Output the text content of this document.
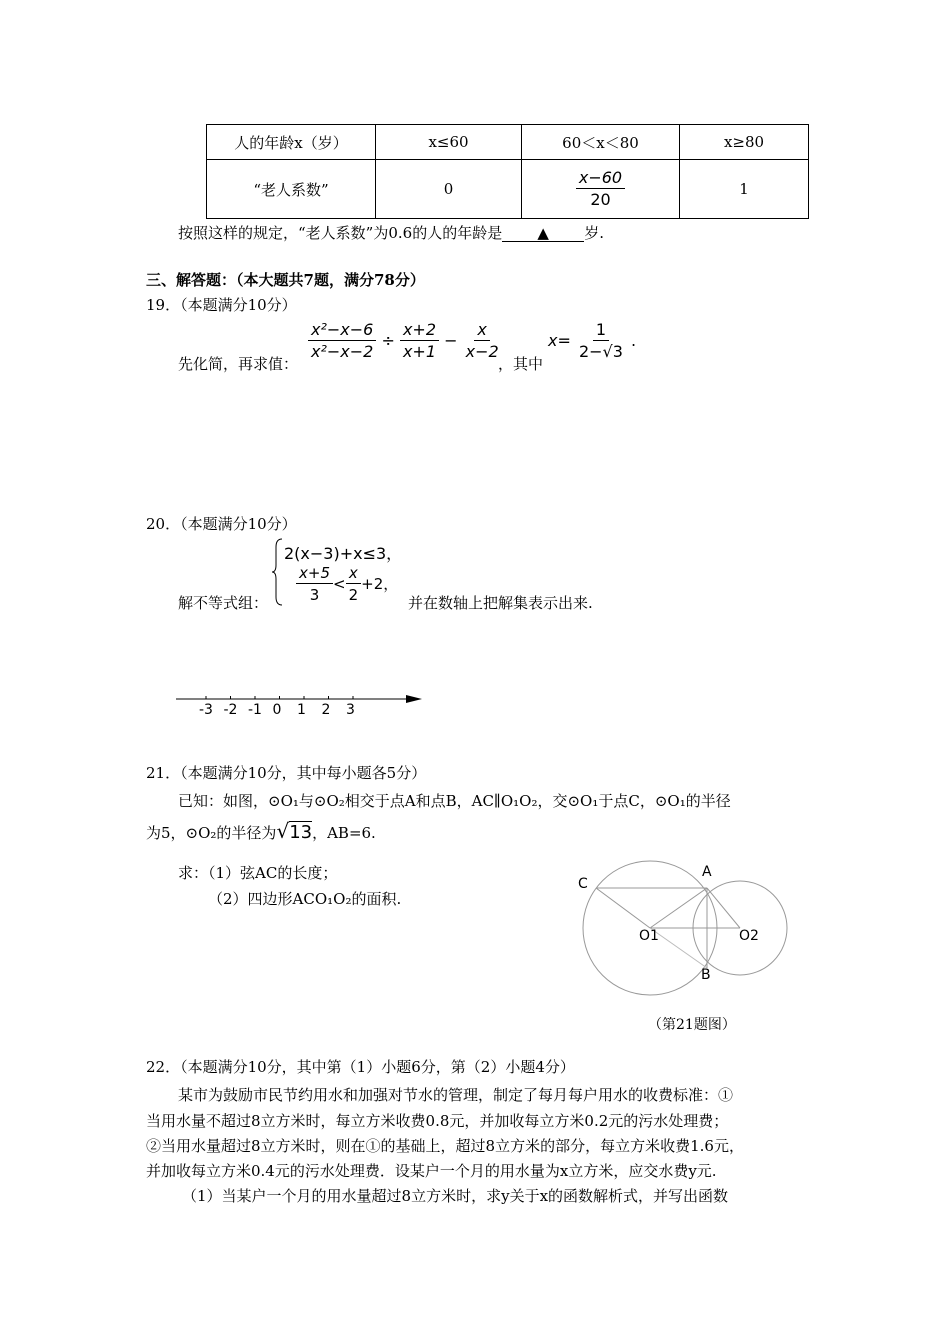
人的年龄x（岁）	x≤60	60＜x＜80	x≥80
“老人系数”	0	$\frac{x-60}{20}$	1
按照这样的规定，“老人系数”为0.6的人的年龄是 ▲ 岁.
三、解答题：（本大题共7题，满分78分）
19．（本题满分10分）
先化简，再求值：
$\frac{\text{x²−x−6}}{\text{x²−x−2}} \div \frac{x+2}{x+1} - \frac{x}{x-2}$
，其中
$x= \frac{1}{2-√3}$ .
20．（本题满分10分）
解不等式组：
2(x−3)+x≤3，
$\frac{x+5}{3} < \frac{x}{2} +2$，
并在数轴上把解集表示出来.
-3 -2 -1 0 1 2 3
21．（本题满分10分，其中每小题各5分）
已知：如图，⊙O₁与⊙O₂相交于点A和点B，AC∥O₁O₂，交⊙O₁于点C，⊙O₁的半径
为5，⊙O₂的半径为√13，AB=6.
求：（1）弦AC的长度；
（2）四边形ACO₁O₂的面积.
C
A
O1	O2
B
（第21题图）
22．（本题满分10分，其中第（1）小题6分，第（2）小题4分）
某市为鼓励市民节约用水和加强对节水的管理，制定了每月每户用水的收费标准：①
当用水量不超过8立方米时，每立方米收费0.8元，并加收每立方米0.2元的污水处理费；
②当用水量超过8立方米时，则在①的基础上，超过8立方米的部分，每立方米收费1.6元，
并加收每立方米0.4元的污水处理费．设某户一个月的用水量为x立方米，应交水费y元.
（1）当某户一个月的用水量超过8立方米时，求y关于x的函数解析式，并写出函数
